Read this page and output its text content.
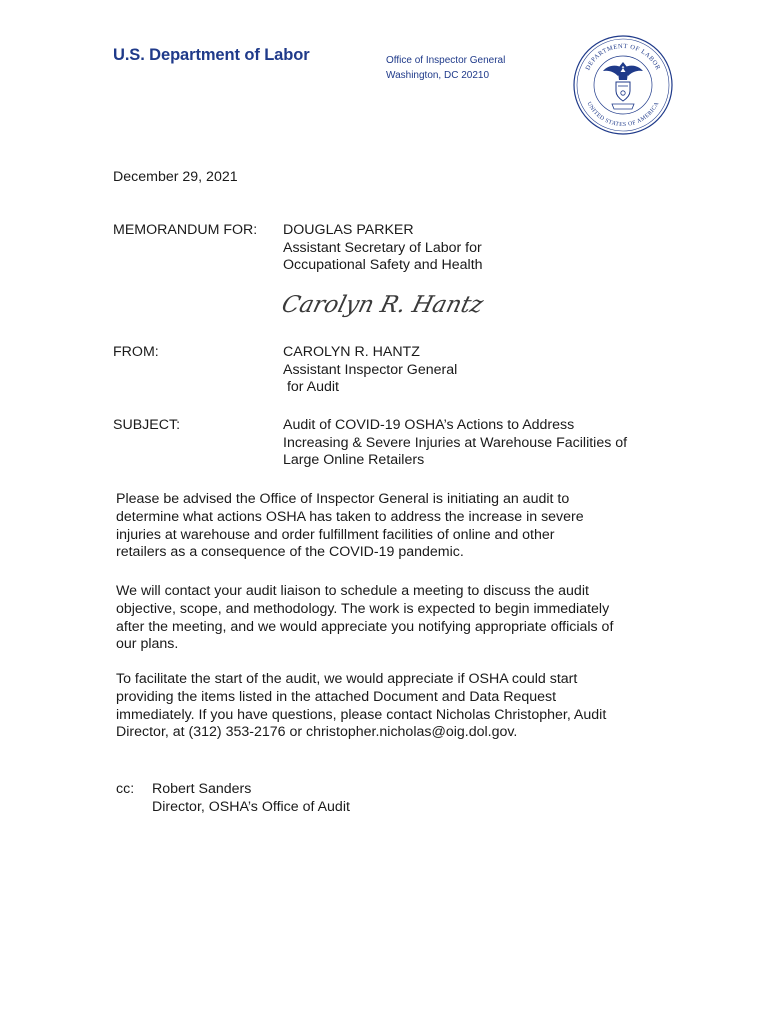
U.S. Department of Labor	Office of Inspector General
Washington, DC 20210
DEPARTMENT OF LABOR
UNITED STATES OF AMERICA
December 29, 2021
MEMORANDUM FOR: DOUGLAS PARKER
Assistant Secretary of Labor for
Occupational Safety and Health
Carolyn R. Hantz
FROM:	CAROLYN R. HANTZ
Assistant Inspector General
for Audit
SUBJECT:	Audit of COVID-19 OSHA’s Actions to Address
Increasing & Severe Injuries at Warehouse Facilities of
Large Online Retailers
Please be advised the Office of Inspector General is initiating an audit to
determine what actions OSHA has taken to address the increase in severe
injuries at warehouse and order fulfillment facilities of online and other
retailers as a consequence of the COVID-19 pandemic.
We will contact your audit liaison to schedule a meeting to discuss the audit
objective, scope, and methodology. The work is expected to begin immediately
after the meeting, and we would appreciate you notifying appropriate officials of
our plans.
To facilitate the start of the audit, we would appreciate if OSHA could start
providing the items listed in the attached Document and Data Request
immediately. If you have questions, please contact Nicholas Christopher, Audit
Director, at (312) 353-2176 or christopher.nicholas@oig.dol.gov.
cc: Robert Sanders
Director, OSHA’s Office of Audit
